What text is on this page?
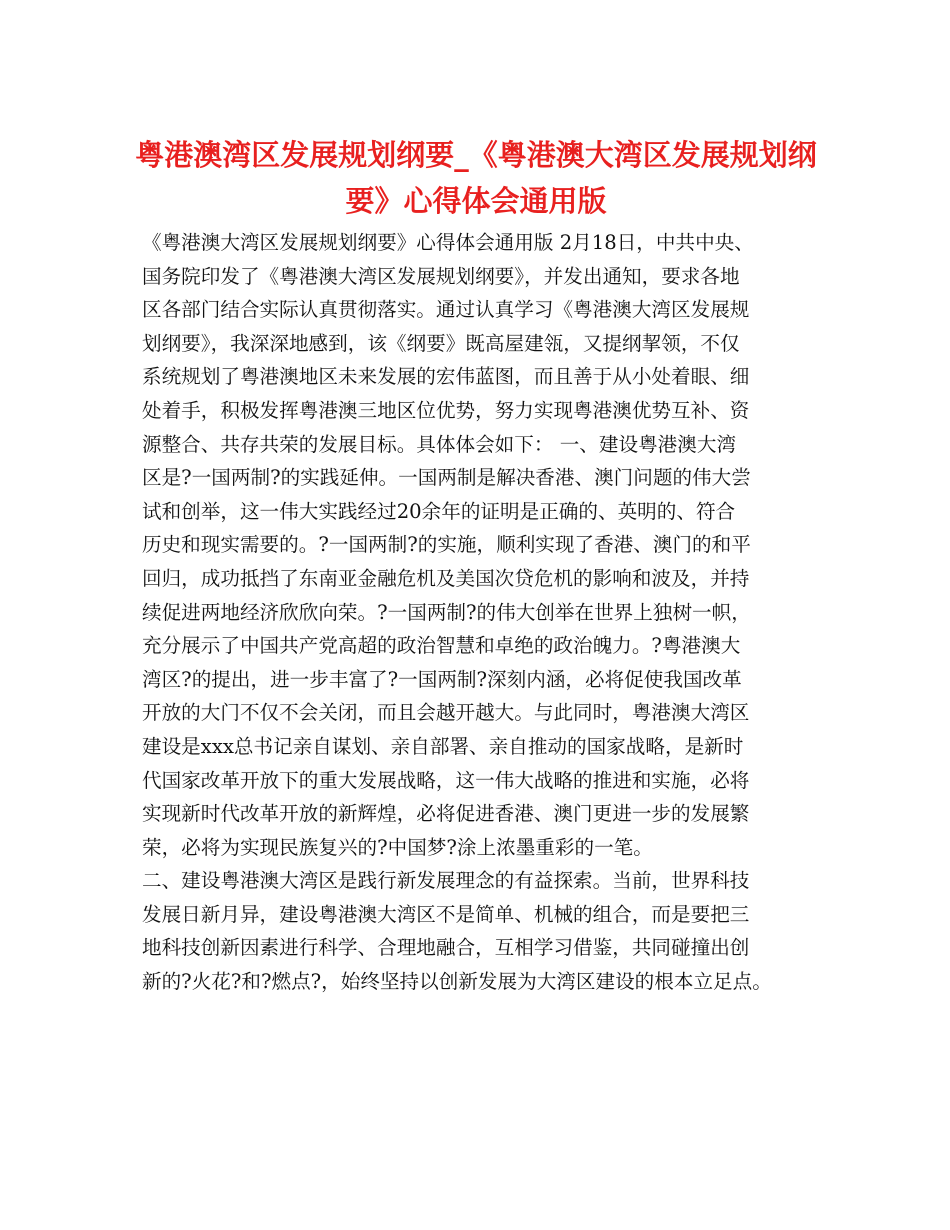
粤港澳湾区发展规划纲要_《粤港澳大湾区发展规划纲
要》心得体会通用版
《粤港澳大湾区发展规划纲要》心得体会通用版 2月18日，中共中央、
国务院印发了《粤港澳大湾区发展规划纲要》，并发出通知，要求各地
区各部门结合实际认真贯彻落实。通过认真学习《粤港澳大湾区发展规
划纲要》，我深深地感到，该《纲要》既高屋建瓴，又提纲挈领，不仅
系统规划了粤港澳地区未来发展的宏伟蓝图，而且善于从小处着眼、细
处着手，积极发挥粤港澳三地区位优势，努力实现粤港澳优势互补、资
源整合、共存共荣的发展目标。具体体会如下： 一、建设粤港澳大湾
区是?一国两制?的实践延伸。一国两制是解决香港、澳门问题的伟大尝
试和创举，这一伟大实践经过20余年的证明是正确的、英明的、符合
历史和现实需要的。?一国两制?的实施，顺利实现了香港、澳门的和平
回归，成功抵挡了东南亚金融危机及美国次贷危机的影响和波及，并持
续促进两地经济欣欣向荣。?一国两制?的伟大创举在世界上独树一帜，
充分展示了中国共产党高超的政治智慧和卓绝的政治魄力。?粤港澳大
湾区?的提出，进一步丰富了?一国两制?深刻内涵，必将促使我国改革
开放的大门不仅不会关闭，而且会越开越大。与此同时，粤港澳大湾区
建设是xxx总书记亲自谋划、亲自部署、亲自推动的国家战略，是新时
代国家改革开放下的重大发展战略，这一伟大战略的推进和实施，必将
实现新时代改革开放的新辉煌，必将促进香港、澳门更进一步的发展繁
荣，必将为实现民族复兴的?中国梦?涂上浓墨重彩的一笔。
二、建设粤港澳大湾区是践行新发展理念的有益探索。当前，世界科技
发展日新月异，建设粤港澳大湾区不是简单、机械的组合，而是要把三
地科技创新因素进行科学、合理地融合，互相学习借鉴，共同碰撞出创
新的?火花?和?燃点?，始终坚持以创新发展为大湾区建设的根本立足点。
